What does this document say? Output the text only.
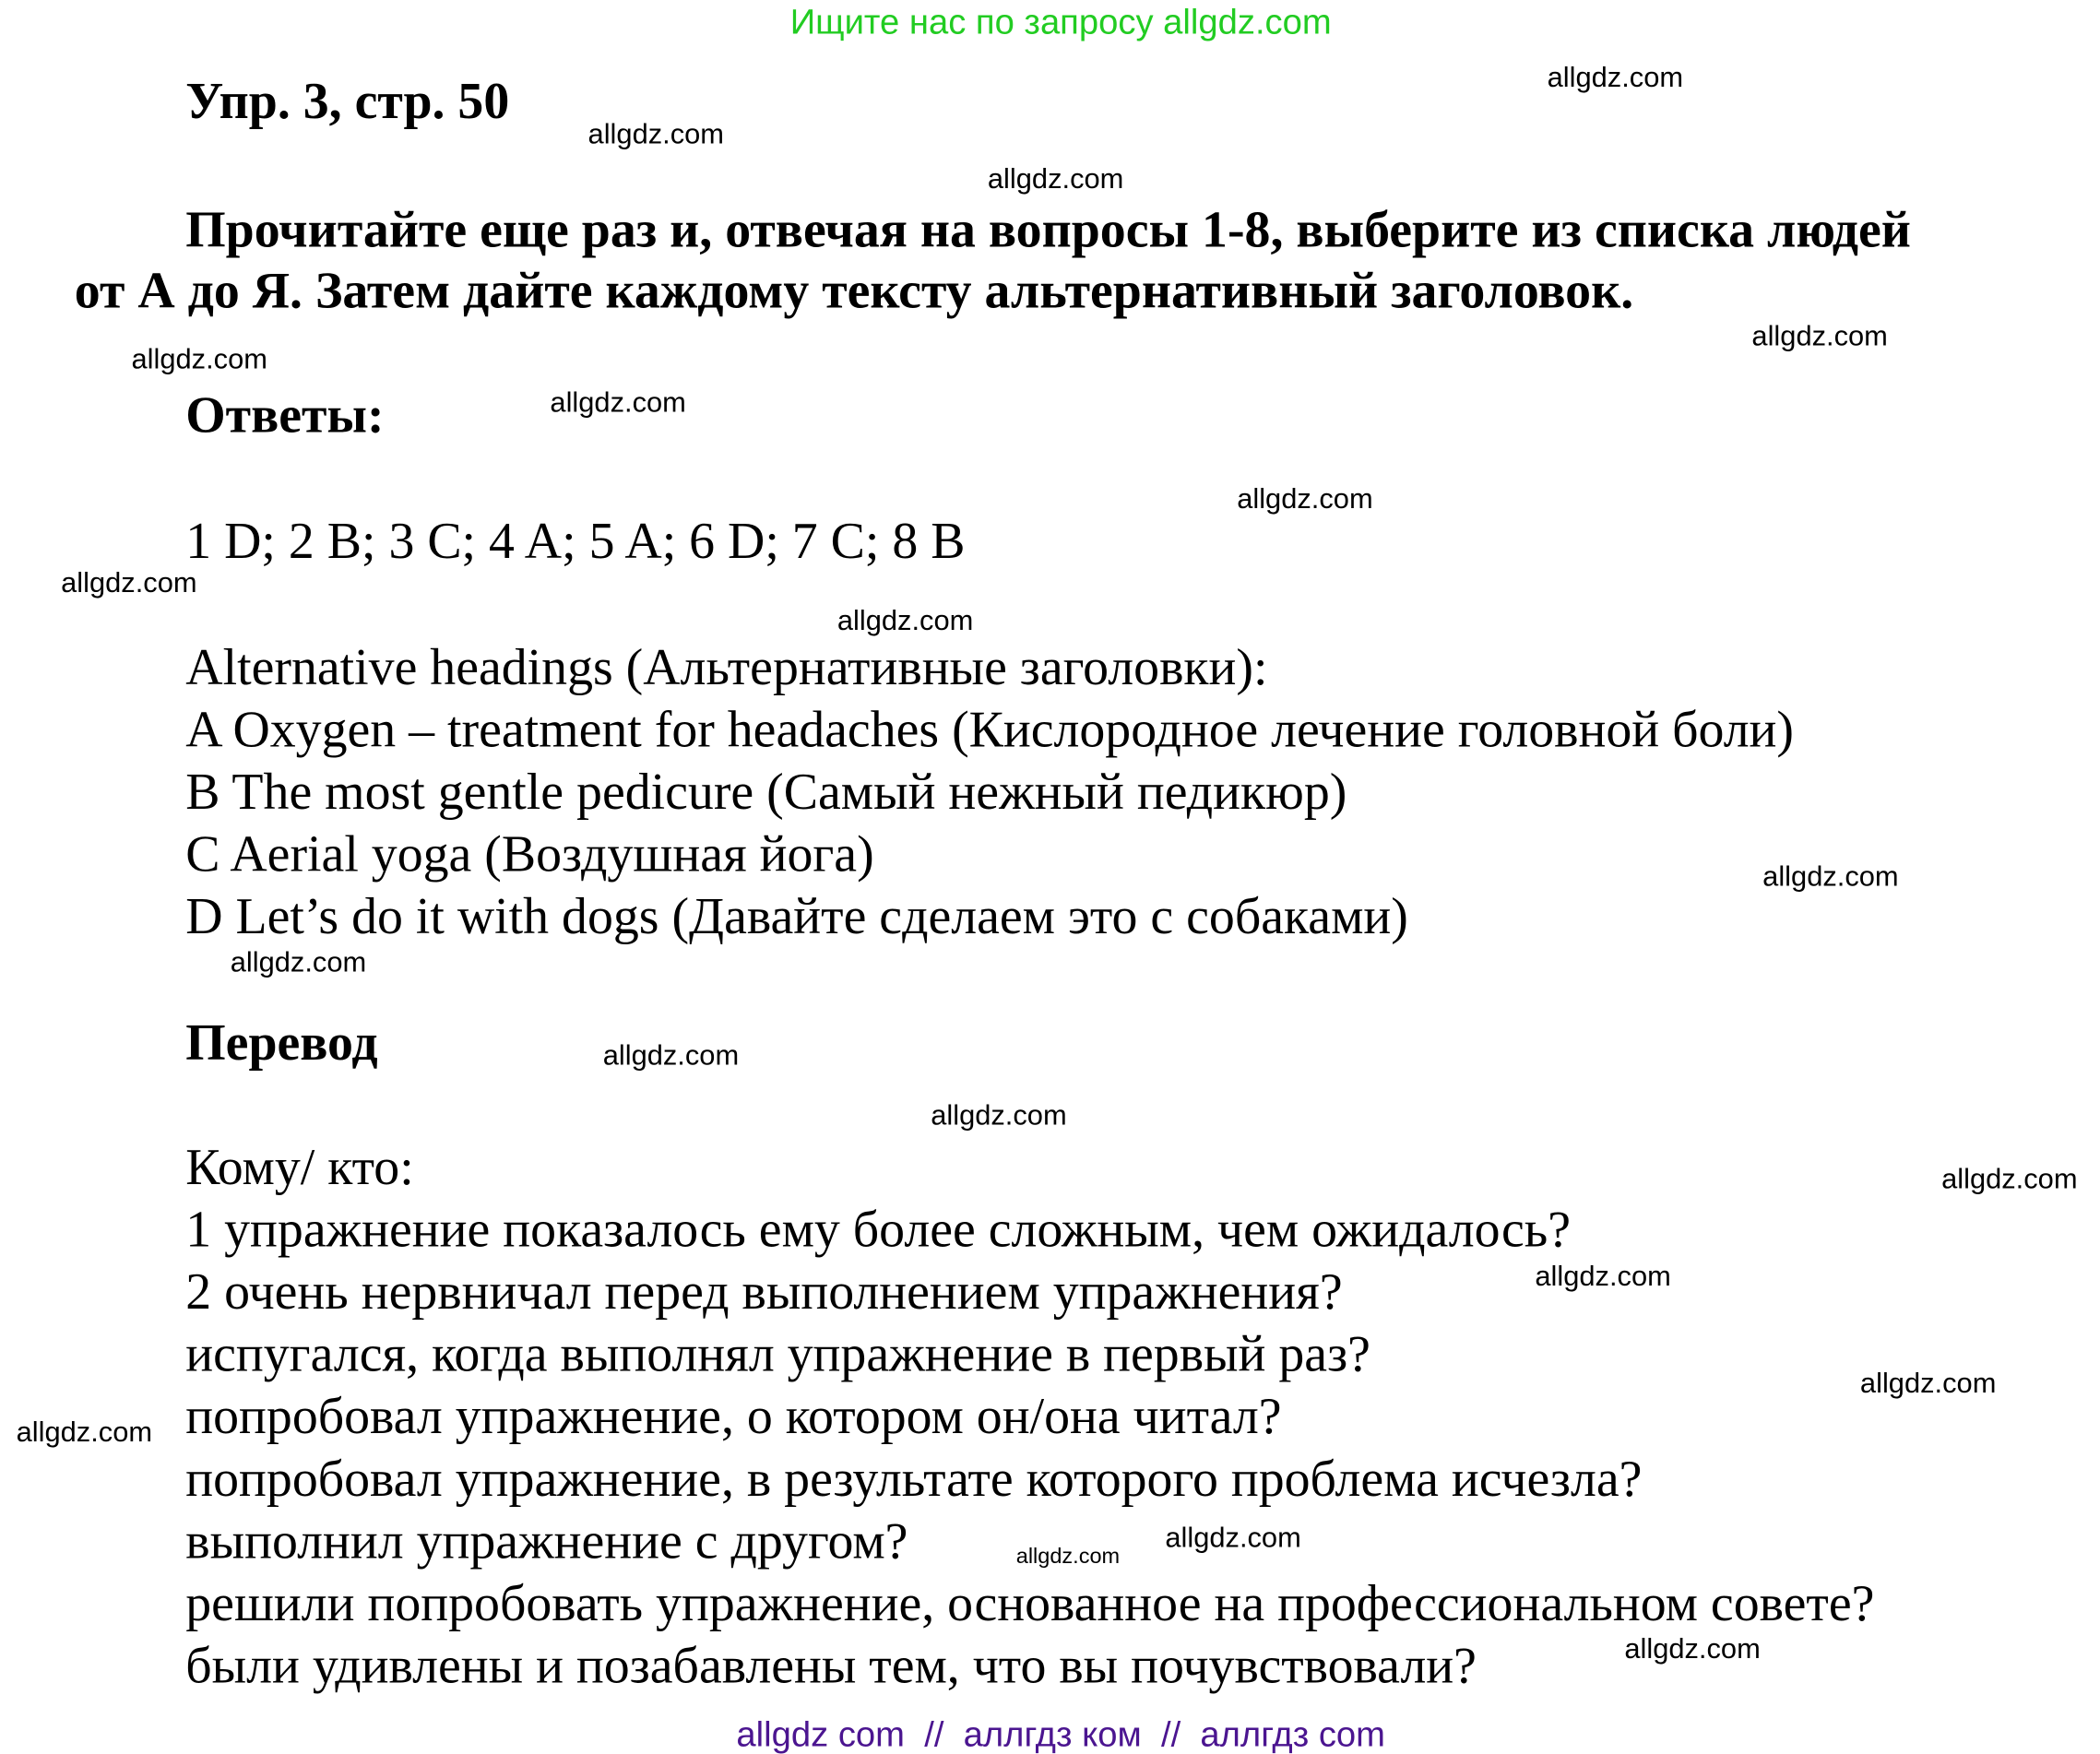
Ищите нас по запросу allgdz.com
Упр. 3, стр. 50
Прочитайте еще раз и, отвечая на вопросы 1-8, выберите из списка людей
от А до Я. Затем дайте каждому тексту альтернативный заголовок.
Ответы:
1 D; 2 B; 3 C; 4 A; 5 A; 6 D; 7 C; 8 B
Alternative headings (Альтернативные заголовки):
A Oxygen – treatment for headaches (Кислородное лечение головной боли)
B The most gentle pedicure (Самый нежный педикюр)
C Aerial yoga (Воздушная йога)
D Let’s do it with dogs (Давайте сделаем это с собаками)
Перевод
Кому/ кто:
1 упражнение показалось ему более сложным, чем ожидалось?
2 очень нервничал перед выполнением упражнения?
испугался, когда выполнял упражнение в первый раз?
попробовал упражнение, о котором он/она читал?
попробовал упражнение, в результате которого проблема исчезла?
выполнил упражнение с другом?
решили попробовать упражнение, основанное на профессиональном совете?
были удивлены и позабавлены тем, что вы почувствовали?
allgdz.com
allgdz.com
allgdz.com
allgdz.com
allgdz.com
allgdz.com
allgdz.com
allgdz.com
allgdz.com
allgdz.com
allgdz.com
allgdz.com
allgdz.com
allgdz.com
allgdz.com
allgdz.com
allgdz.com
allgdz.com
allgdz.com
allgdz.com
allgdz com  //  аллгдз ком  //  аллгдз com
